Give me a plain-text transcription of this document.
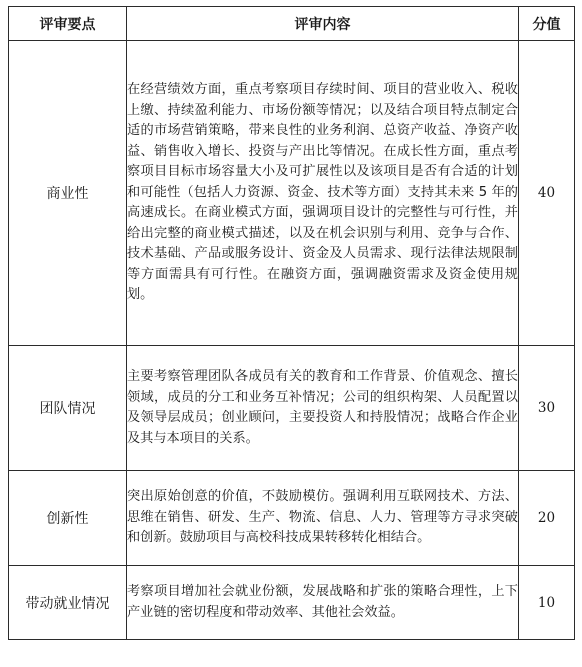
评审要点	评审内容	分值
商业性	在经营绩效方面，重点考察项目存续时间、项目的营业收入、税收上缴、持续盈利能力、市场份额等情况；以及结合项目特点制定合适的市场营销策略，带来良性的业务利润、总资产收益、净资产收益、销售收入增长、投资与产出比等情况。在成长性方面，重点考察项目目标市场容量大小及可扩展性以及该项目是否有合适的计划和可能性（包括人力资源、资金、技术等方面）支持其未来 5 年的高速成长。在商业模式方面，强调项目设计的完整性与可行性，并给出完整的商业模式描述，以及在机会识别与利用、竞争与合作、技术基础、产品或服务设计、资金及人员需求、现行法律法规限制等方面需具有可行性。在融资方面，强调融资需求及资金使用规划。	40
团队情况	主要考察管理团队各成员有关的教育和工作背景、价值观念、擅长领域，成员的分工和业务互补情况；公司的组织构架、人员配置以及领导层成员；创业顾问，主要投资人和持股情况；战略合作企业及其与本项目的关系。	30
创新性	突出原始创意的价值，不鼓励模仿。强调利用互联网技术、方法、思维在销售、研发、生产、物流、信息、人力、管理等方寻求突破和创新。鼓励项目与高校科技成果转移转化相结合。	20
带动就业情况	考察项目增加社会就业份额，发展战略和扩张的策略合理性，上下产业链的密切程度和带动效率、其他社会效益。	10
